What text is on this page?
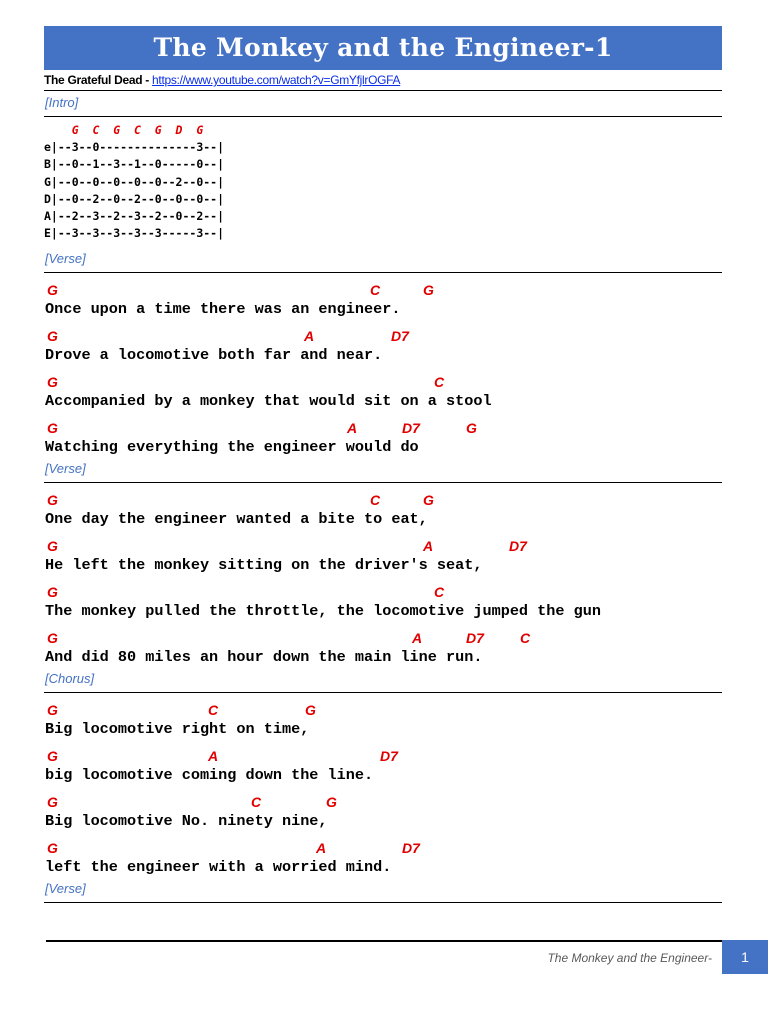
The Monkey and the Engineer-1
The Grateful Dead - https://www.youtube.com/watch?v=GmYfjlrOGFA
[Intro]
G  C  G  C  G  D  G
e|--3--0--------------3--|
B|--0--1--3--1--0-----0--|
G|--0--0--0--0--0--2--0--|
D|--0--2--0--2--0--0--0--|
A|--2--3--2--3--2--0--2--|
E|--3--3--3--3--3-----3--|
[Verse]
G	C	G
Once upon a time there was an engineer.
G	A	D7
Drove a locomotive both far and near.
G	C
Accompanied by a monkey that would sit on a stool
G	A	D7	G
Watching everything the engineer would do
[Verse]
G	C	G
One day the engineer wanted a bite to eat,
G	A	D7
He left the monkey sitting on the driver's seat,
G	C
The monkey pulled the throttle, the locomotive jumped the gun
G	A	D7	C
And did 80 miles an hour down the main line run.
[Chorus]
G	C	G
Big locomotive right on time,
G	A	D7
big locomotive coming down the line.
G	C	G
Big locomotive No. ninety nine,
G	A	D7
left the engineer with a worried mind.
[Verse]
The Monkey and the Engineer-	1
